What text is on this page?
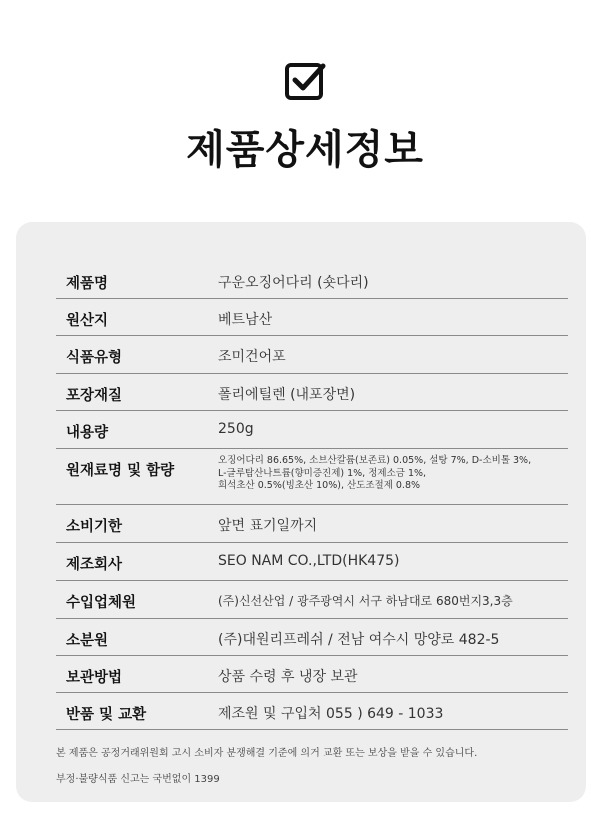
제품상세정보
제품명	구운오징어다리 (숏다리)
원산지	베트남산
식품유형	조미건어포
포장재질	폴리에틸렌 (내포장면)
내용량	250g
원재료명 및 함량
오징어다리 86.65%, 소브산칼륨(보존료) 0.05%, 설탕 7%, D-소비톨 3%,
L-글루탐산나트륨(향미증진제) 1%, 정제소금 1%,
희석초산 0.5%(빙초산 10%), 산도조절제 0.8%
소비기한	앞면 표기일까지
제조회사	SEO NAM CO.,LTD(HK475)
수입업체원	(주)신선산업 / 광주광역시 서구 하남대로 680번지3,3층
소분원	(주)대원리프레쉬 / 전남 여수시 망양로 482-5
보관방법	상품 수령 후 냉장 보관
반품 및 교환	제조원 및 구입처 055 ) 649 - 1033
본 제품은 공정거래위원회 고시 소비자 분쟁해결 기준에 의거 교환 또는 보상을 받을 수 있습니다.
부정·불량식품 신고는 국번없이 1399
